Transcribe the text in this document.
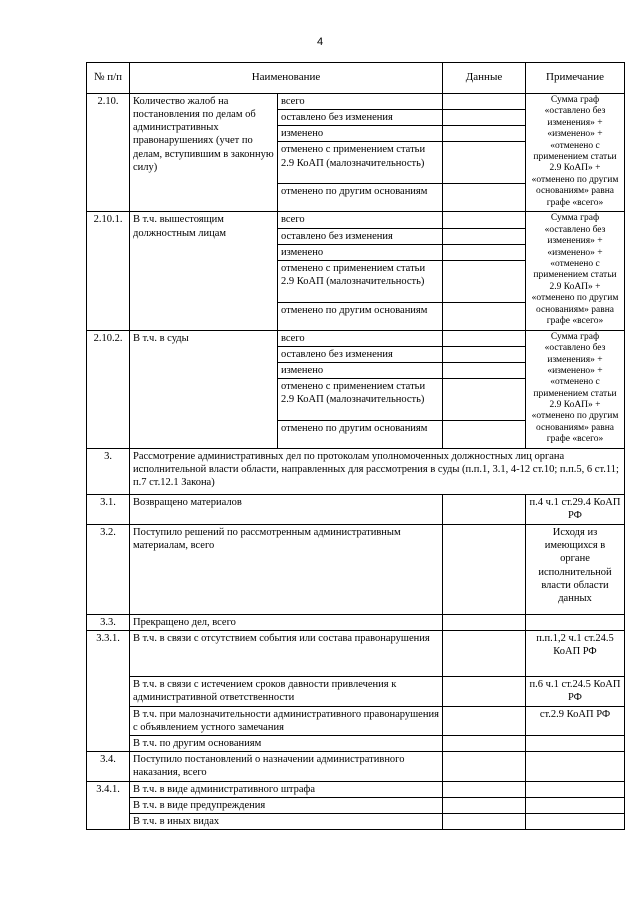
4
№ п/п	Наименование		Данные	Примечание
2.10.	Количество жалоб на постановления по делам об административных правонарушениях (учет по делам, вступившим в законную силу)	всего		Сумма граф «оставлено без изменения» + «изменено» + «отменено с применением статьи 2.9 КоАП» + «отменено по другим основаниям» равна графе «всего»
		оставлено без изменения		
		изменено		
		отменено с применением статьи 2.9 КоАП (малозначительность)		
		отменено по другим основаниям		
2.10.1.	В т.ч. вышестоящим должностным лицам	всего		Сумма граф «оставлено без изменения» + «изменено» + «отменено с применением статьи 2.9 КоАП» + «отменено по другим основаниям» равна графе «всего»
		оставлено без изменения		
		изменено		
		отменено с применением статьи 2.9 КоАП (малозначительность)		
		отменено по другим основаниям		
2.10.2.	В т.ч. в суды	всего		Сумма граф «оставлено без изменения» + «изменено» + «отменено с применением статьи 2.9 КоАП» + «отменено по другим основаниям» равна графе «всего»
		оставлено без изменения		
		изменено		
		отменено с применением статьи 2.9 КоАП (малозначительность)		
		отменено по другим основаниям		
3.	Рассмотрение административных дел по протоколам уполномоченных должностных лиц органа исполнительной власти области, направленных для рассмотрения в суды (п.п.1, 3.1, 4-12 ст.10; п.п.5, 6 ст.11; п.7 ст.12.1 Закона)			
3.1.	Возвращено материалов			п.4 ч.1 ст.29.4 КоАП РФ
3.2.	Поступило решений по рассмотренным административным материалам, всего			Исходя из имеющихся в органе исполнительной власти области данных
3.3.	Прекращено дел, всего			
3.3.1.	В т.ч. в связи с отсутствием события или состава правонарушения			п.п.1,2 ч.1 ст.24.5 КоАП РФ
	В т.ч. в связи с истечением сроков давности привлечения к административной ответственности			п.6 ч.1 ст.24.5 КоАП РФ
	В т.ч. при малозначительности административного правонарушения с объявлением устного замечания			ст.2.9 КоАП РФ
	В т.ч. по другим основаниям			
3.4.	Поступило постановлений о назначении административного наказания, всего			
3.4.1.	В т.ч. в виде административного штрафа			
	В т.ч. в виде предупреждения			
	В т.ч. в иных видах			
